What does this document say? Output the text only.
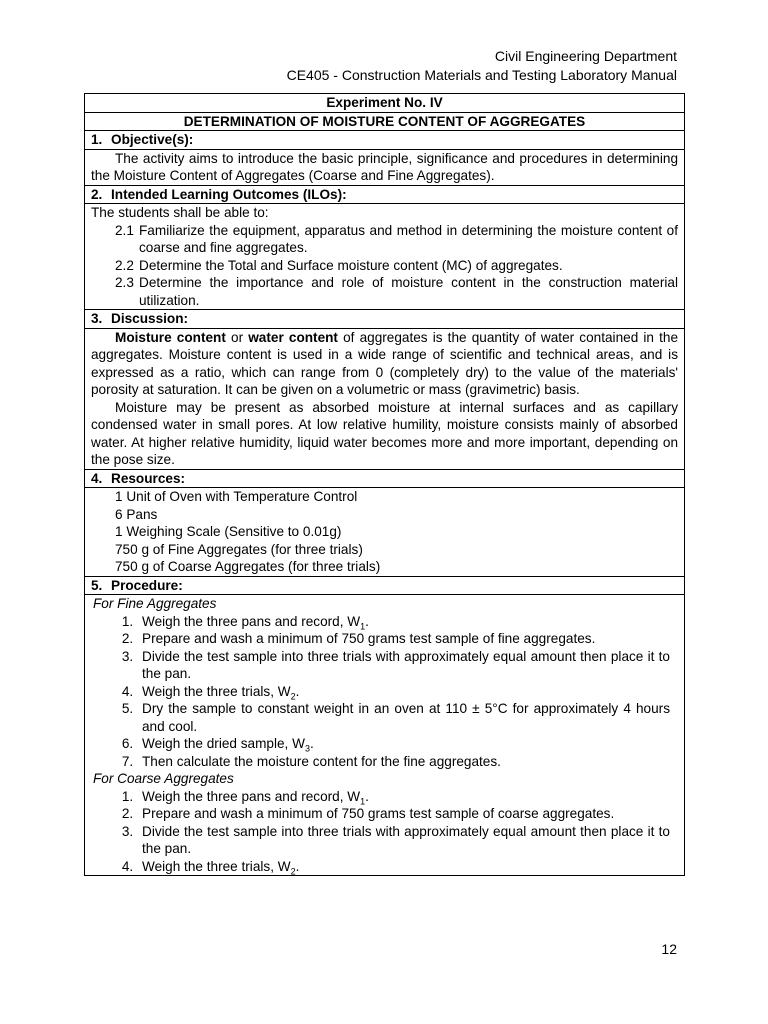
Civil Engineering Department
CE405 - Construction Materials and Testing Laboratory Manual
Experiment No. IV
DETERMINATION OF MOISTURE CONTENT OF AGGREGATES
1. Objective(s):

The activity aims to introduce the basic principle, significance and procedures in determining the Moisture Content of Aggregates (Coarse and Fine Aggregates).

2. Intended Learning Outcomes (ILOs):

The students shall be able to:
2.1 Familiarize the equipment, apparatus and method in determining the moisture content of coarse and fine aggregates.
2.2 Determine the Total and Surface moisture content (MC) of aggregates.
2.3 Determine the importance and role of moisture content in the construction material utilization.

3. Discussion:

Moisture content or water content of aggregates is the quantity of water contained in the aggregates. Moisture content is used in a wide range of scientific and technical areas, and is expressed as a ratio, which can range from 0 (completely dry) to the value of the materials' porosity at saturation. It can be given on a volumetric or mass (gravimetric) basis.
Moisture may be present as absorbed moisture at internal surfaces and as capillary condensed water in small pores. At low relative humility, moisture consists mainly of absorbed water. At higher relative humidity, liquid water becomes more and more important, depending on the pose size.

4. Resources:

1 Unit of Oven with Temperature Control
6 Pans
1 Weighing Scale (Sensitive to 0.01g)
750 g of Fine Aggregates (for three trials)
750 g of Coarse Aggregates (for three trials)

5. Procedure:

For Fine Aggregates
1. Weigh the three pans and record, $W_1$.
2. Prepare and wash a minimum of 750 grams test sample of fine aggregates.
3. Divide the test sample into three trials with approximately equal amount then place it to the pan.
4. Weigh the three trials, $W_2$.
5. Dry the sample to constant weight in an oven at 110 ± 5°C for approximately 4 hours and cool.
6. Weigh the dried sample, $W_3$.
7. Then calculate the moisture content for the fine aggregates.
For Coarse Aggregates
1. Weigh the three pans and record, $W_1$.
2. Prepare and wash a minimum of 750 grams test sample of coarse aggregates.
3. Divide the test sample into three trials with approximately equal amount then place it to the pan.
4. Weigh the three trials, $W_2$.
12
